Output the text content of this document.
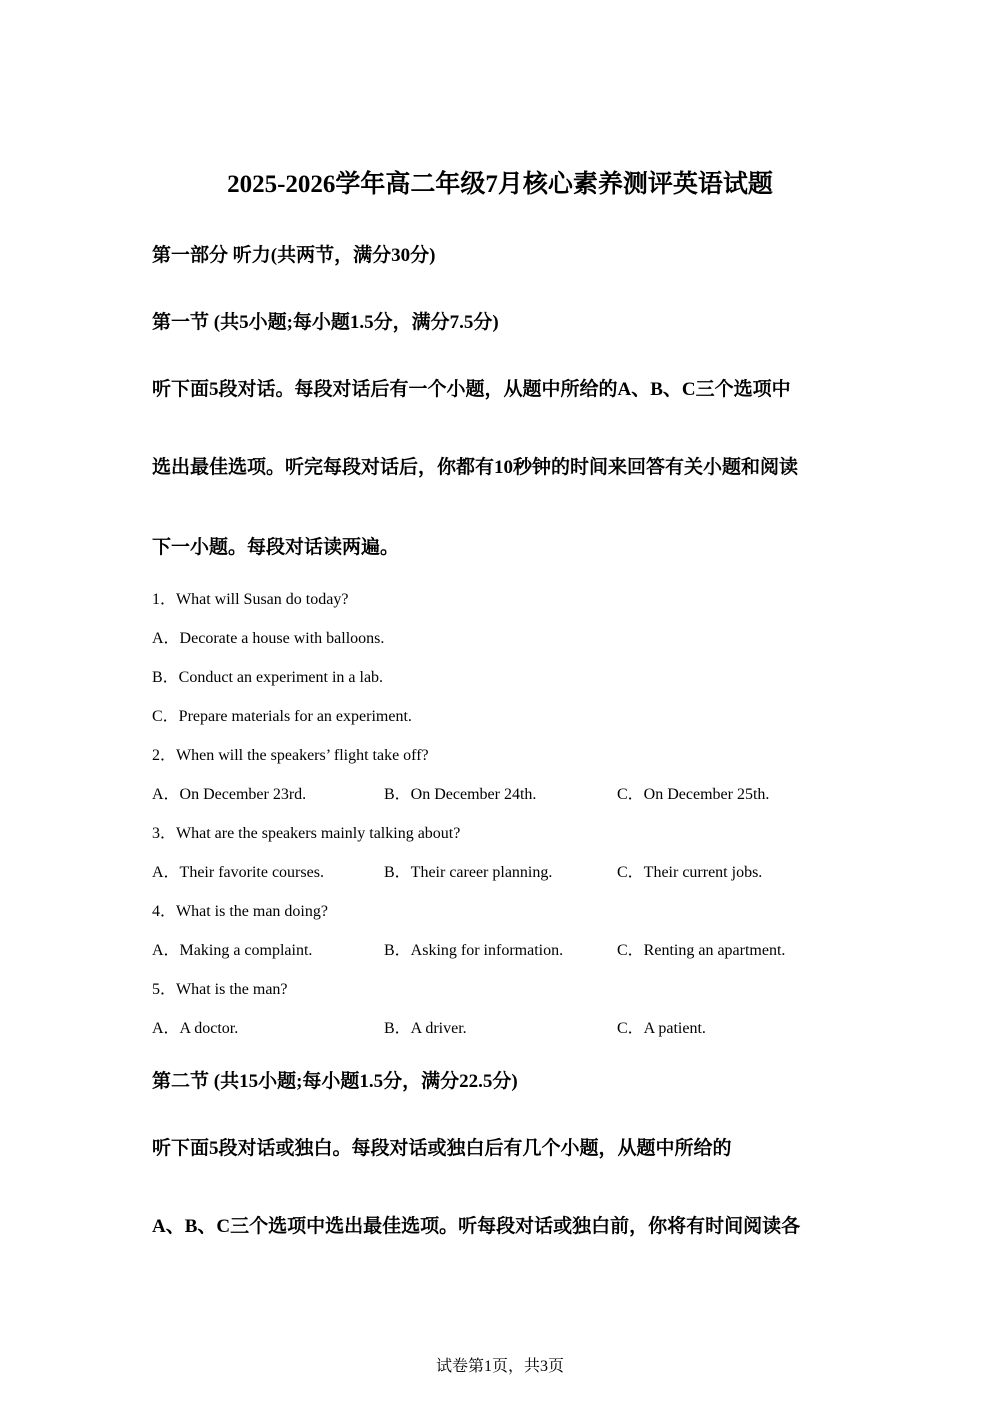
2025-2026学年高二年级7月核心素养测评英语试题
第一部分 听力(共两节，满分30分)
第一节 (共5小题;每小题1.5分，满分7.5分)
听下面5段对话。每段对话后有一个小题，从题中所给的A、B、C三个选项中
选出最佳选项。听完每段对话后，你都有10秒钟的时间来回答有关小题和阅读
下一小题。每段对话读两遍。
1．What will Susan do today?
A．Decorate a house with balloons.
B．Conduct an experiment in a lab.
C．Prepare materials for an experiment.
2．When will the speakers’ flight take off?
A．On December 23rd.	B．On December 24th.	C．On December 25th.
3．What are the speakers mainly talking about?
A．Their favorite courses.	B．Their career planning.	C．Their current jobs.
4．What is the man doing?
A．Making a complaint.	B．Asking for information.	C．Renting an apartment.
5．What is the man?
A．A doctor.	B．A driver.	C．A patient.
第二节 (共15小题;每小题1.5分，满分22.5分)
听下面5段对话或独白。每段对话或独白后有几个小题，从题中所给的
A、B、C三个选项中选出最佳选项。听每段对话或独白前，你将有时间阅读各
试卷第1页，共3页
